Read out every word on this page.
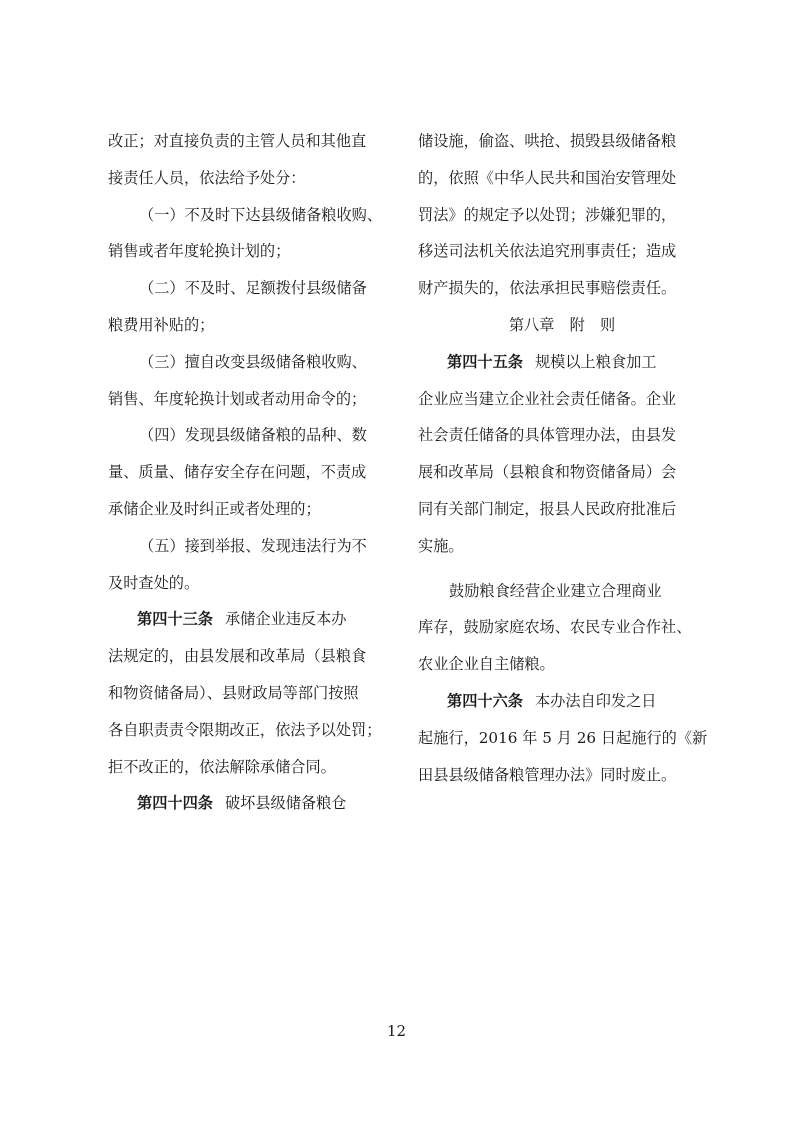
改正；对直接负责的主管人员和其他直
接责任人员，依法给予处分：
（一）不及时下达县级储备粮收购、
销售或者年度轮换计划的；
（二）不及时、足额拨付县级储备
粮费用补贴的；
（三）擅自改变县级储备粮收购、
销售、年度轮换计划或者动用命令的；
（四）发现县级储备粮的品种、数
量、质量、储存安全存在问题，不责成
承储企业及时纠正或者处理的；
（五）接到举报、发现违法行为不
及时查处的。
第四十三条 承储企业违反本办
法规定的，由县发展和改革局（县粮食
和物资储备局）、县财政局等部门按照
各自职责责令限期改正，依法予以处罚；
拒不改正的，依法解除承储合同。
第四十四条 破坏县级储备粮仓
储设施，偷盗、哄抢、损毁县级储备粮
的，依照《中华人民共和国治安管理处
罚法》的规定予以处罚；涉嫌犯罪的，
移送司法机关依法追究刑事责任；造成
财产损失的，依法承担民事赔偿责任。
第八章　附　则
第四十五条 规模以上粮食加工
企业应当建立企业社会责任储备。企业
社会责任储备的具体管理办法，由县发
展和改革局（县粮食和物资储备局）会
同有关部门制定，报县人民政府批准后
实施。
鼓励粮食经营企业建立合理商业
库存，鼓励家庭农场、农民专业合作社、
农业企业自主储粮。
第四十六条 本办法自印发之日
起施行，2016 年 5 月 26 日起施行的《新
田县县级储备粮管理办法》同时废止。
12
